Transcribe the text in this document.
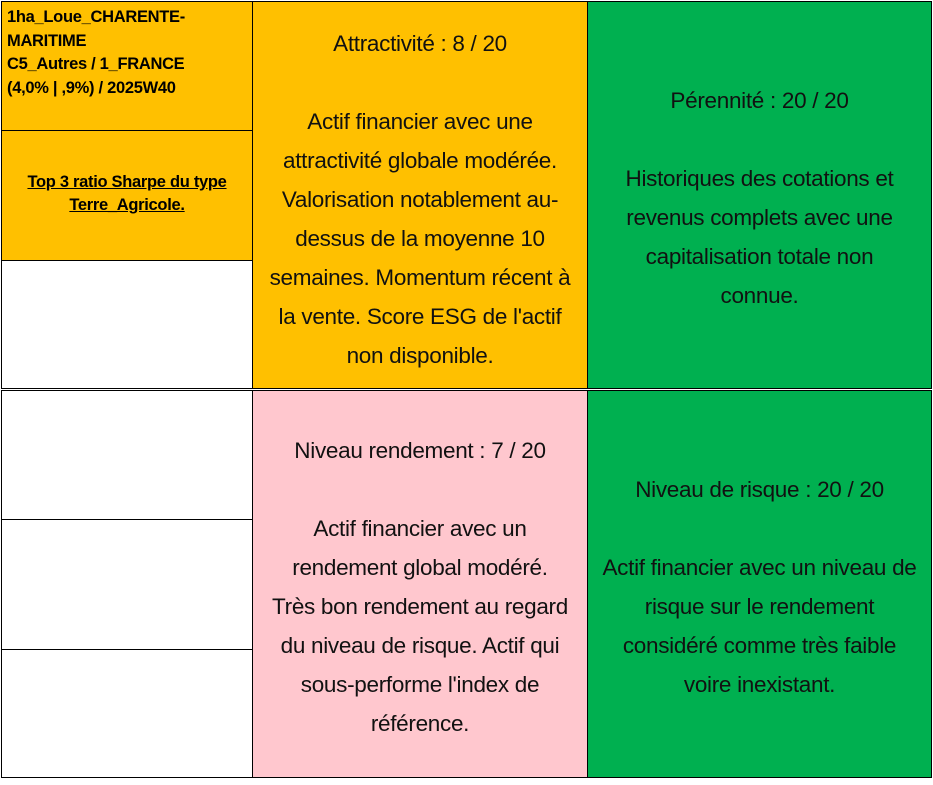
1ha_Loue_CHARENTE-
MARITIME
C5_Autres / 1_FRANCE
(4,0% | ,9%) / 2025W40
Top 3 ratio Sharpe du type
Terre_Agricole.
Attractivité : 8 / 20
Actif financier avec une
attractivité globale modérée.
Valorisation notablement au-
dessus de la moyenne 10
semaines. Momentum récent à
la vente. Score ESG de l'actif
non disponible.
Pérennité : 20 / 20
Historiques des cotations et
revenus complets avec une
capitalisation totale non
connue.
Niveau rendement : 7 / 20
Actif financier avec un
rendement global modéré.
Très bon rendement au regard
du niveau de risque. Actif qui
sous-performe l'index de
référence.
Niveau de risque : 20 / 20
Actif financier avec un niveau de
risque sur le rendement
considéré comme très faible
voire inexistant.
